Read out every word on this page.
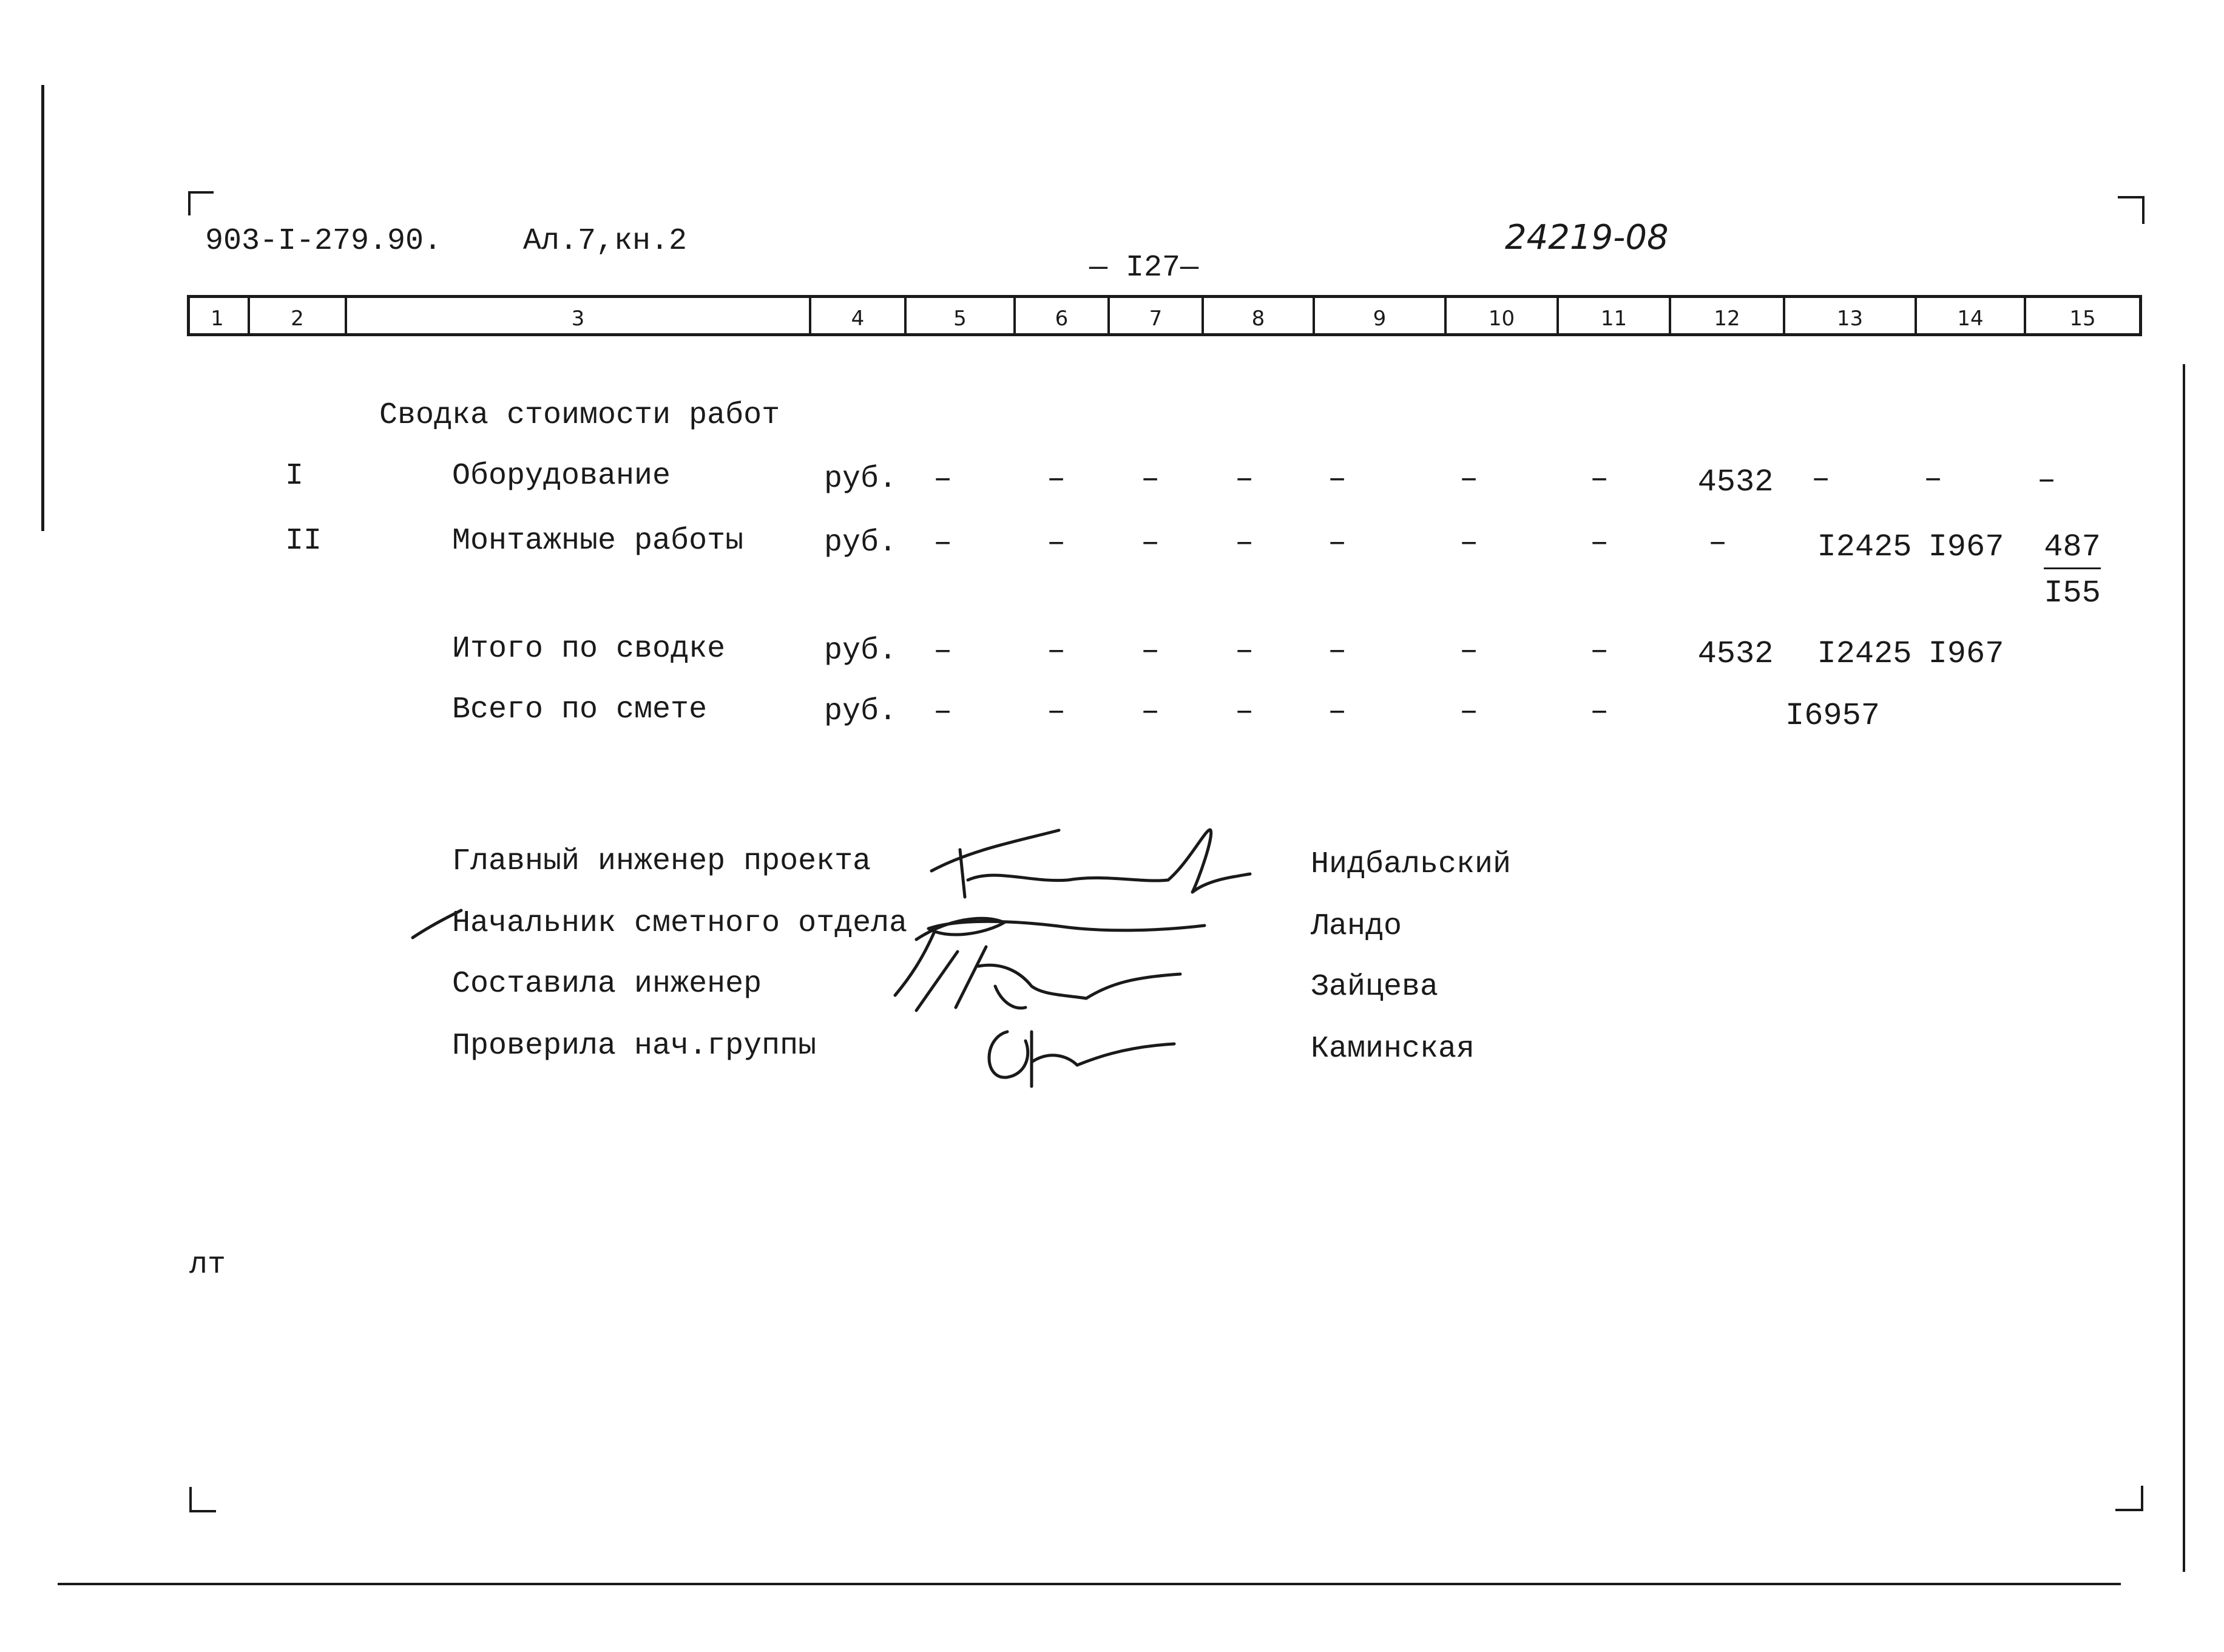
903-I-279.90.	Ал.7,кн.2
— I27—
24219-08
1	2	3	4	5	6	7	8	9	10	11	12	13	14	15
Сводка стоимости работ
I	Оборудование	руб. –	– – – –	–	–	4532	–	–	–
II	Монтажные работы	руб. –	– – – –	–	–	–	I2425 I967 487
I55
Итого по сводке	руб. –	– – – –	–	–	4532	I2425 I967
Всего по смете	руб. –	– – – –	–	–	I6957
Главный инженер проекта	Нидбальский
Начальник сметного отдела	Ландо
Составила инженер	Зайцева
Проверила нач.группы	Каминская
лт
